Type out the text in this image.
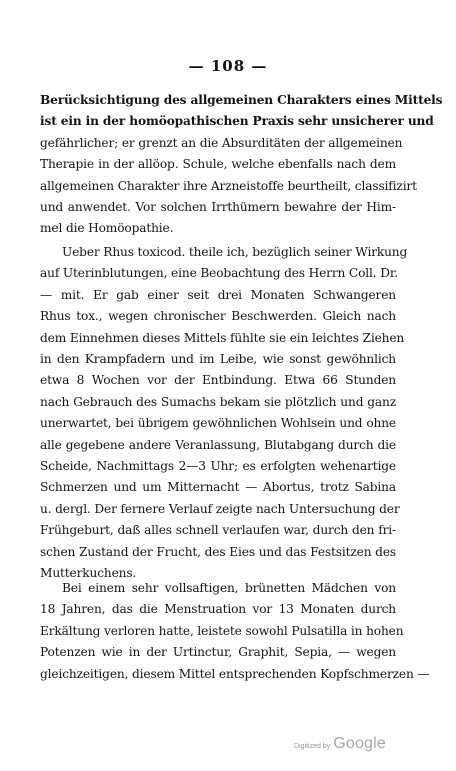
— 108 —
Berücksichtigung des allgemeinen Charakters eines Mittels
ist ein in der homöopathischen Praxis sehr unsicherer und
gefährlicher; er grenzt an die Absurditäten der allgemeinen
Therapie in der allöop. Schule, welche ebenfalls nach dem
allgemeinen Charakter ihre Arzneistoffe beurtheilt, classifizirt
und anwendet. Vor solchen Irrthümern bewahre der Him-
mel die Homöopathie.
Ueber Rhus toxicod. theile ich, bezüglich seiner Wirkung
auf Uterinblutungen, eine Beobachtung des Herrn Coll. Dr.
— mit. Er gab einer seit drei Monaten Schwangeren
Rhus tox., wegen chronischer Beschwerden. Gleich nach
dem Einnehmen dieses Mittels fühlte sie ein leichtes Ziehen
in den Krampfadern und im Leibe, wie sonst gewöhnlich
etwa 8 Wochen vor der Entbindung. Etwa 66 Stunden
nach Gebrauch des Sumachs bekam sie plötzlich und ganz
unerwartet, bei übrigem gewöhnlichen Wohlsein und ohne
alle gegebene andere Veranlassung, Blutabgang durch die
Scheide, Nachmittags 2—3 Uhr; es erfolgten wehenartige
Schmerzen und um Mitternacht — Abortus, trotz Sabina
u. dergl. Der fernere Verlauf zeigte nach Untersuchung der
Frühgeburt, daß alles schnell verlaufen war, durch den fri-
schen Zustand der Frucht, des Eies und das Festsitzen des
Mutterkuchens.
Bei einem sehr vollsaftigen, brünetten Mädchen von
18 Jahren, das die Menstruation vor 13 Monaten durch
Erkältung verloren hatte, leistete sowohl Pulsatilla in hohen
Potenzen wie in der Urtinctur, Graphit, Sepia, — wegen
gleichzeitigen, diesem Mittel entsprechenden Kopfschmerzen —
Digitized by Google
